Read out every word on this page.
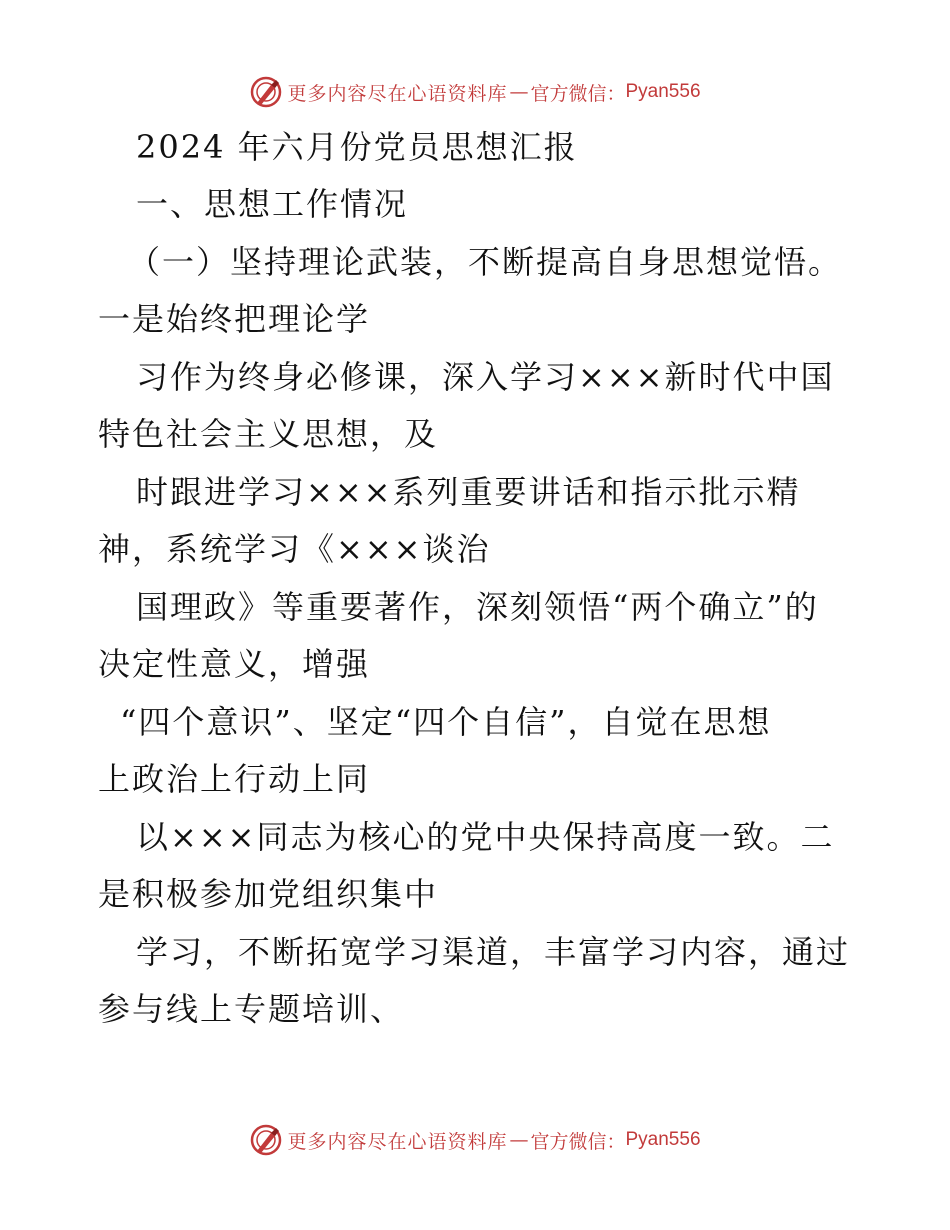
更多内容尽在心语资料库 — 官方微信： Pyan556
2024 年六月份党员思想汇报
一、思想工作情况
（一）坚持理论武装，不断提高自身思想觉悟。
一是始终把理论学
习作为终身必修课，深入学习×××新时代中国
特色社会主义思想，及
时跟进学习×××系列重要讲话和指示批示精
神，系统学习《×××谈治
国理政》等重要著作，深刻领悟“两个确立”的
决定性意义，增强
“四个意识”、坚定“四个自信”，自觉在思想
上政治上行动上同
以×××同志为核心的党中央保持高度一致。二
是积极参加党组织集中
学习，不断拓宽学习渠道，丰富学习内容，通过
参与线上专题培训、
更多内容尽在心语资料库 — 官方微信： Pyan556
